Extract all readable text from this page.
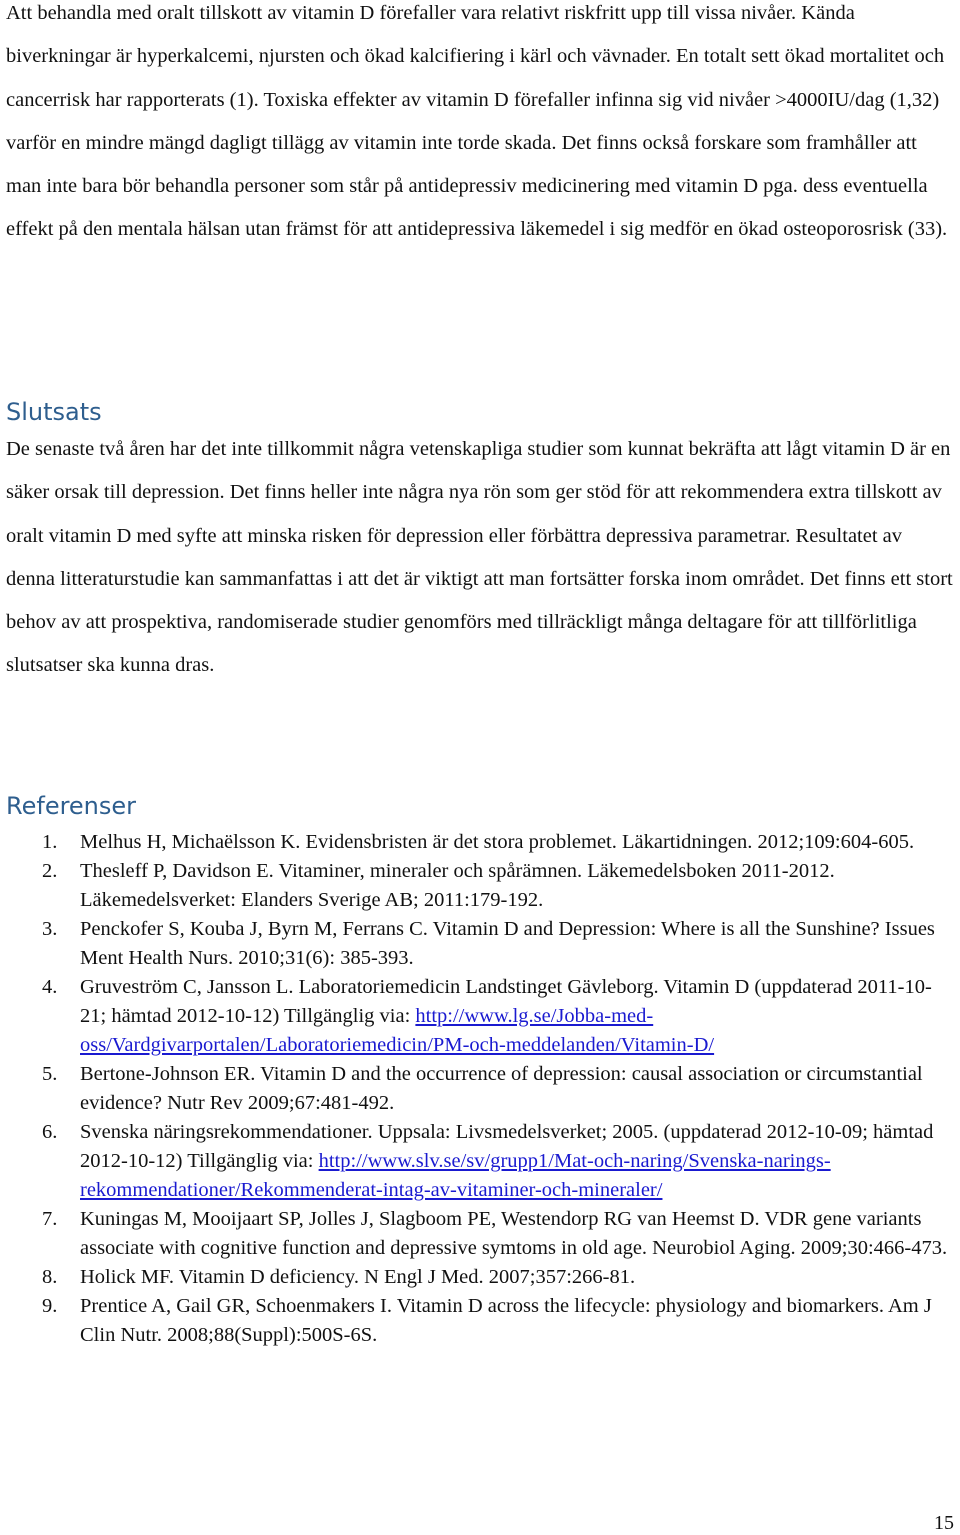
Att behandla med oralt tillskott av vitamin D förefaller vara relativt riskfritt upp till vissa nivåer. Kända biverkningar är hyperkalcemi, njursten och ökad kalcifiering i kärl och vävnader. En totalt sett ökad mortalitet och cancerrisk har rapporterats (1). Toxiska effekter av vitamin D förefaller infinna sig vid nivåer >4000IU/dag (1,32) varför en mindre mängd dagligt tillägg av vitamin inte torde skada. Det finns också forskare som framhåller att man inte bara bör behandla personer som står på antidepressiv medicinering med vitamin D pga. dess eventuella effekt på den mentala hälsan utan främst för att antidepressiva läkemedel i sig medför en ökad osteoporosrisk (33).

Slutsats

De senaste två åren har det inte tillkommit några vetenskapliga studier som kunnat bekräfta att lågt vitamin D är en säker orsak till depression. Det finns heller inte några nya rön som ger stöd för att rekommendera extra tillskott av oralt vitamin D med syfte att minska risken för depression eller förbättra depressiva parametrar. Resultatet av denna litteraturstudie kan sammanfattas i att det är viktigt att man fortsätter forska inom området. Det finns ett stort behov av att prospektiva, randomiserade studier genomförs med tillräckligt många deltagare för att tillförlitliga slutsatser ska kunna dras.

Referenser
1. Melhus H, Michaëlsson K. Evidensbristen är det stora problemet. Läkartidningen. 2012;109:604-605.
2. Thesleff P, Davidson E. Vitaminer, mineraler och spårämnen. Läkemedelsboken 2011-2012. Läkemedelsverket: Elanders Sverige AB; 2011:179-192.
3. Penckofer S, Kouba J, Byrn M, Ferrans C. Vitamin D and Depression: Where is all the Sunshine? Issues Ment Health Nurs. 2010;31(6): 385-393.
4. Gruveström C, Jansson L. Laboratoriemedicin Landstinget Gävleborg. Vitamin D (uppdaterad 2011-10-21; hämtad 2012-10-12) Tillgänglig via: http://www.lg.se/Jobba-med-oss/Vardgivarportalen/Laboratoriemedicin/PM-och-meddelanden/Vitamin-D/
5. Bertone-Johnson ER. Vitamin D and the occurrence of depression: causal association or circumstantial evidence? Nutr Rev 2009;67:481-492.
6. Svenska näringsrekommendationer. Uppsala: Livsmedelsverket; 2005. (uppdaterad 2012-10-09; hämtad 2012-10-12) Tillgänglig via: http://www.slv.se/sv/grupp1/Mat-och-naring/Svenska-narings-rekommendationer/Rekommenderat-intag-av-vitaminer-och-mineraler/
7. Kuningas M, Mooijaart SP, Jolles J, Slagboom PE, Westendorp RG van Heemst D. VDR gene variants associate with cognitive function and depressive symtoms in old age. Neurobiol Aging. 2009;30:466-473.
8. Holick MF. Vitamin D deficiency. N Engl J Med. 2007;357:266-81.
9. Prentice A, Gail GR, Schoenmakers I. Vitamin D across the lifecycle: physiology and biomarkers. Am J Clin Nutr. 2008;88(Suppl):500S-6S.
15
